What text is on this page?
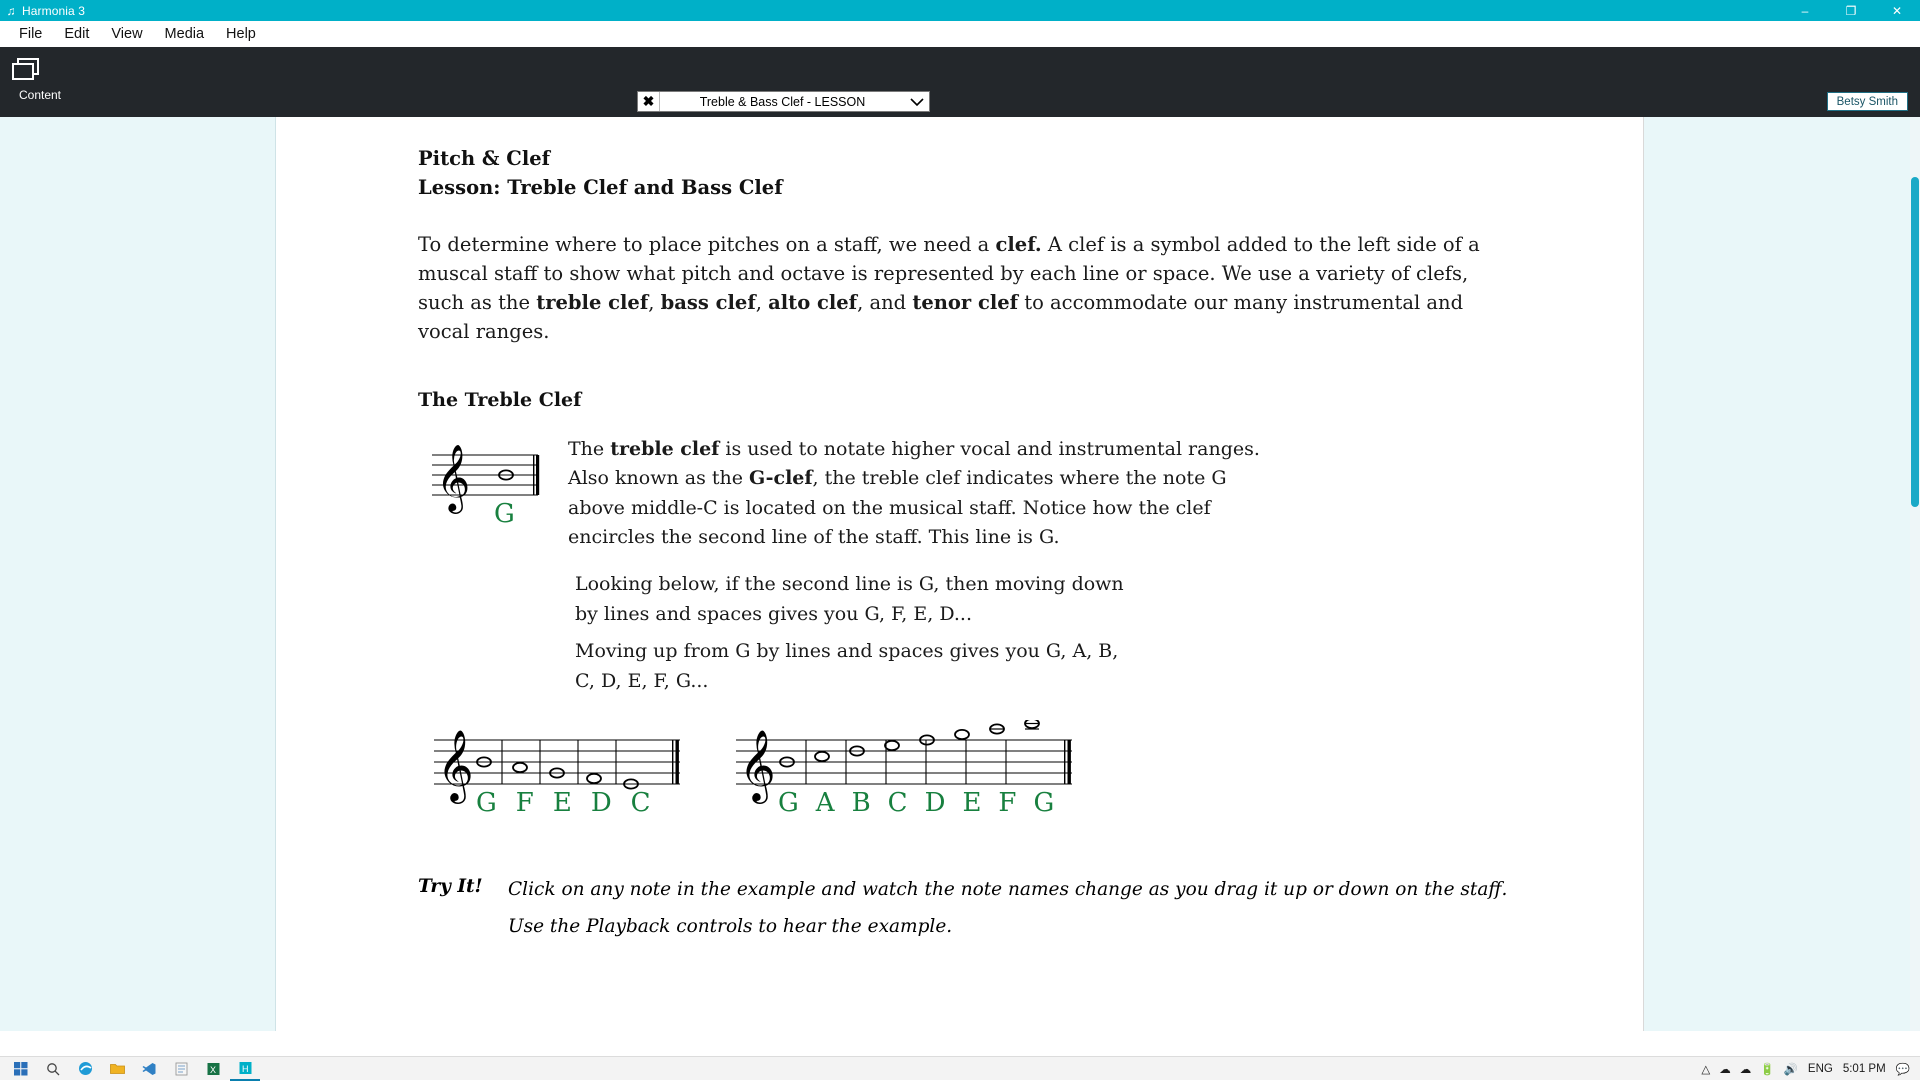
♫ Harmonia 3	–	❐	✕
File	Edit	View	Media	Help
Content	✖	Treble & Bass Clef - LESSON	Betsy Smith
Pitch & Clef
Lesson: Treble Clef and Bass Clef
To determine where to place pitches on a staff, we need a clef. A clef is a symbol added to the left side of a muscal staff to show what pitch and octave is represented by each line or space. We use a variety of clefs, such as the treble clef, bass clef, alto clef, and tenor clef to accommodate our many instrumental and vocal ranges.
The Treble Clef
𝄞
G
The treble clef is used to notate higher vocal and instrumental ranges. Also known as the G-clef, the treble clef indicates where the note G above middle-C is located on the musical staff. Notice how the clef encircles the second line of the staff. This line is G.
Looking below, if the second line is G, then moving down by lines and spaces gives you G, F, E, D...
Moving up from G by lines and spaces gives you G, A, B, C, D, E, F, G...
𝄞
G F E D C
𝄞
G A B C D E F G
Try It!	Click on any note in the example and watch the note names change as you drag it up or down on the staff.
Use the Playback controls to hear the example.
X	H	△ ☁ ☁ 🔋 🔊 ENG 5:01 PM 💬
